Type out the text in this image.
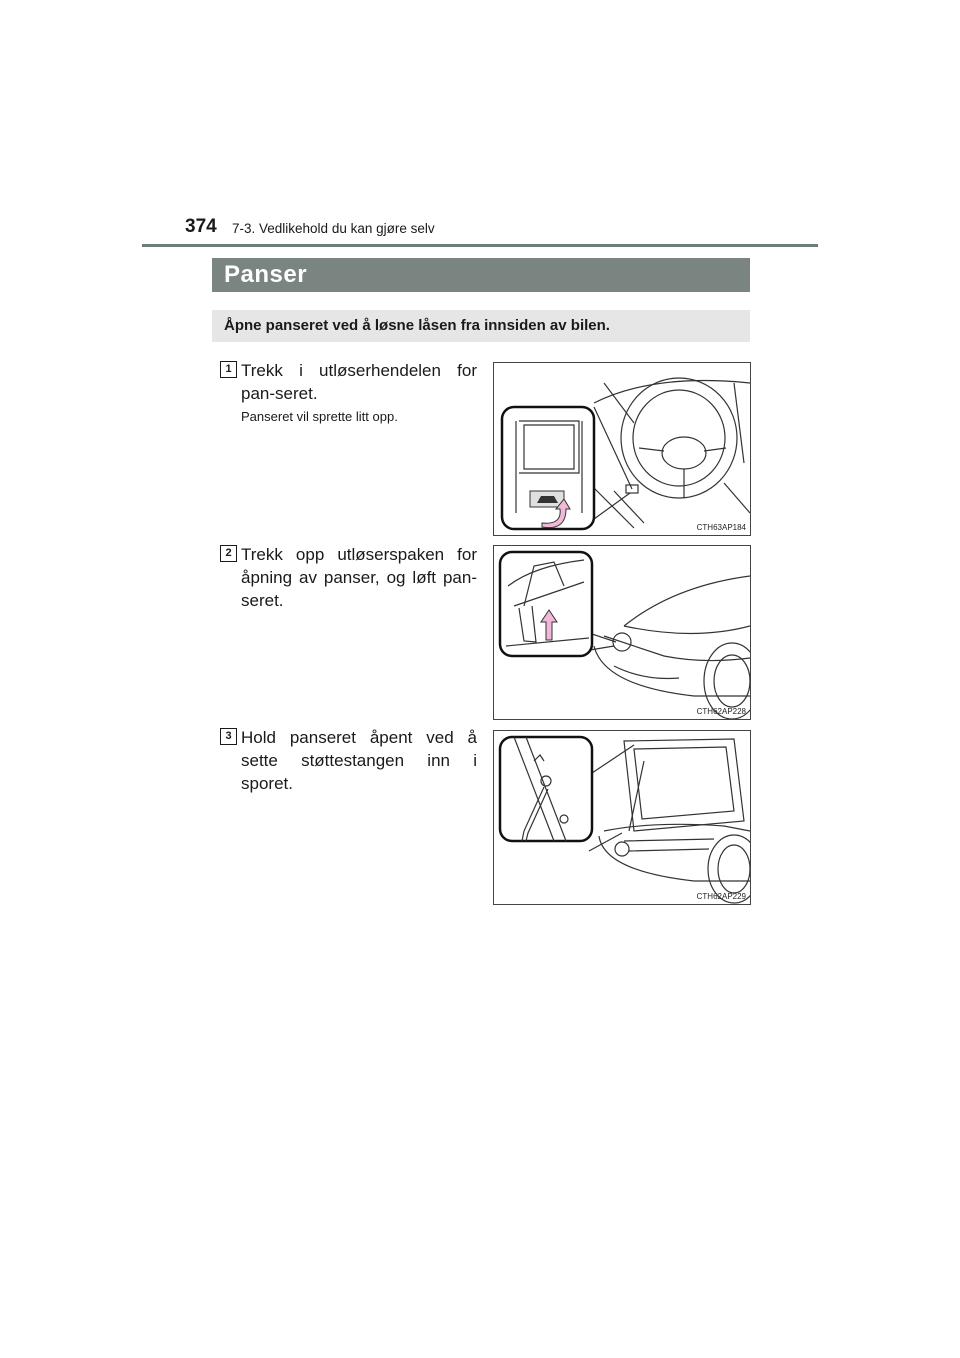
374 7-3. Vedlikehold du kan gjøre selv
Panser
Åpne panseret ved å løsne låsen fra innsiden av bilen.
1 Trekk i utløserhendelen for pan-seret.
Panseret vil sprette litt opp.
CTH63AP184
2 Trekk opp utløserspaken for åpning av panser, og løft pan-seret.
CTH62AP228
3 Hold panseret åpent ved å sette støttestangen inn i sporet.
CTH62AP229
